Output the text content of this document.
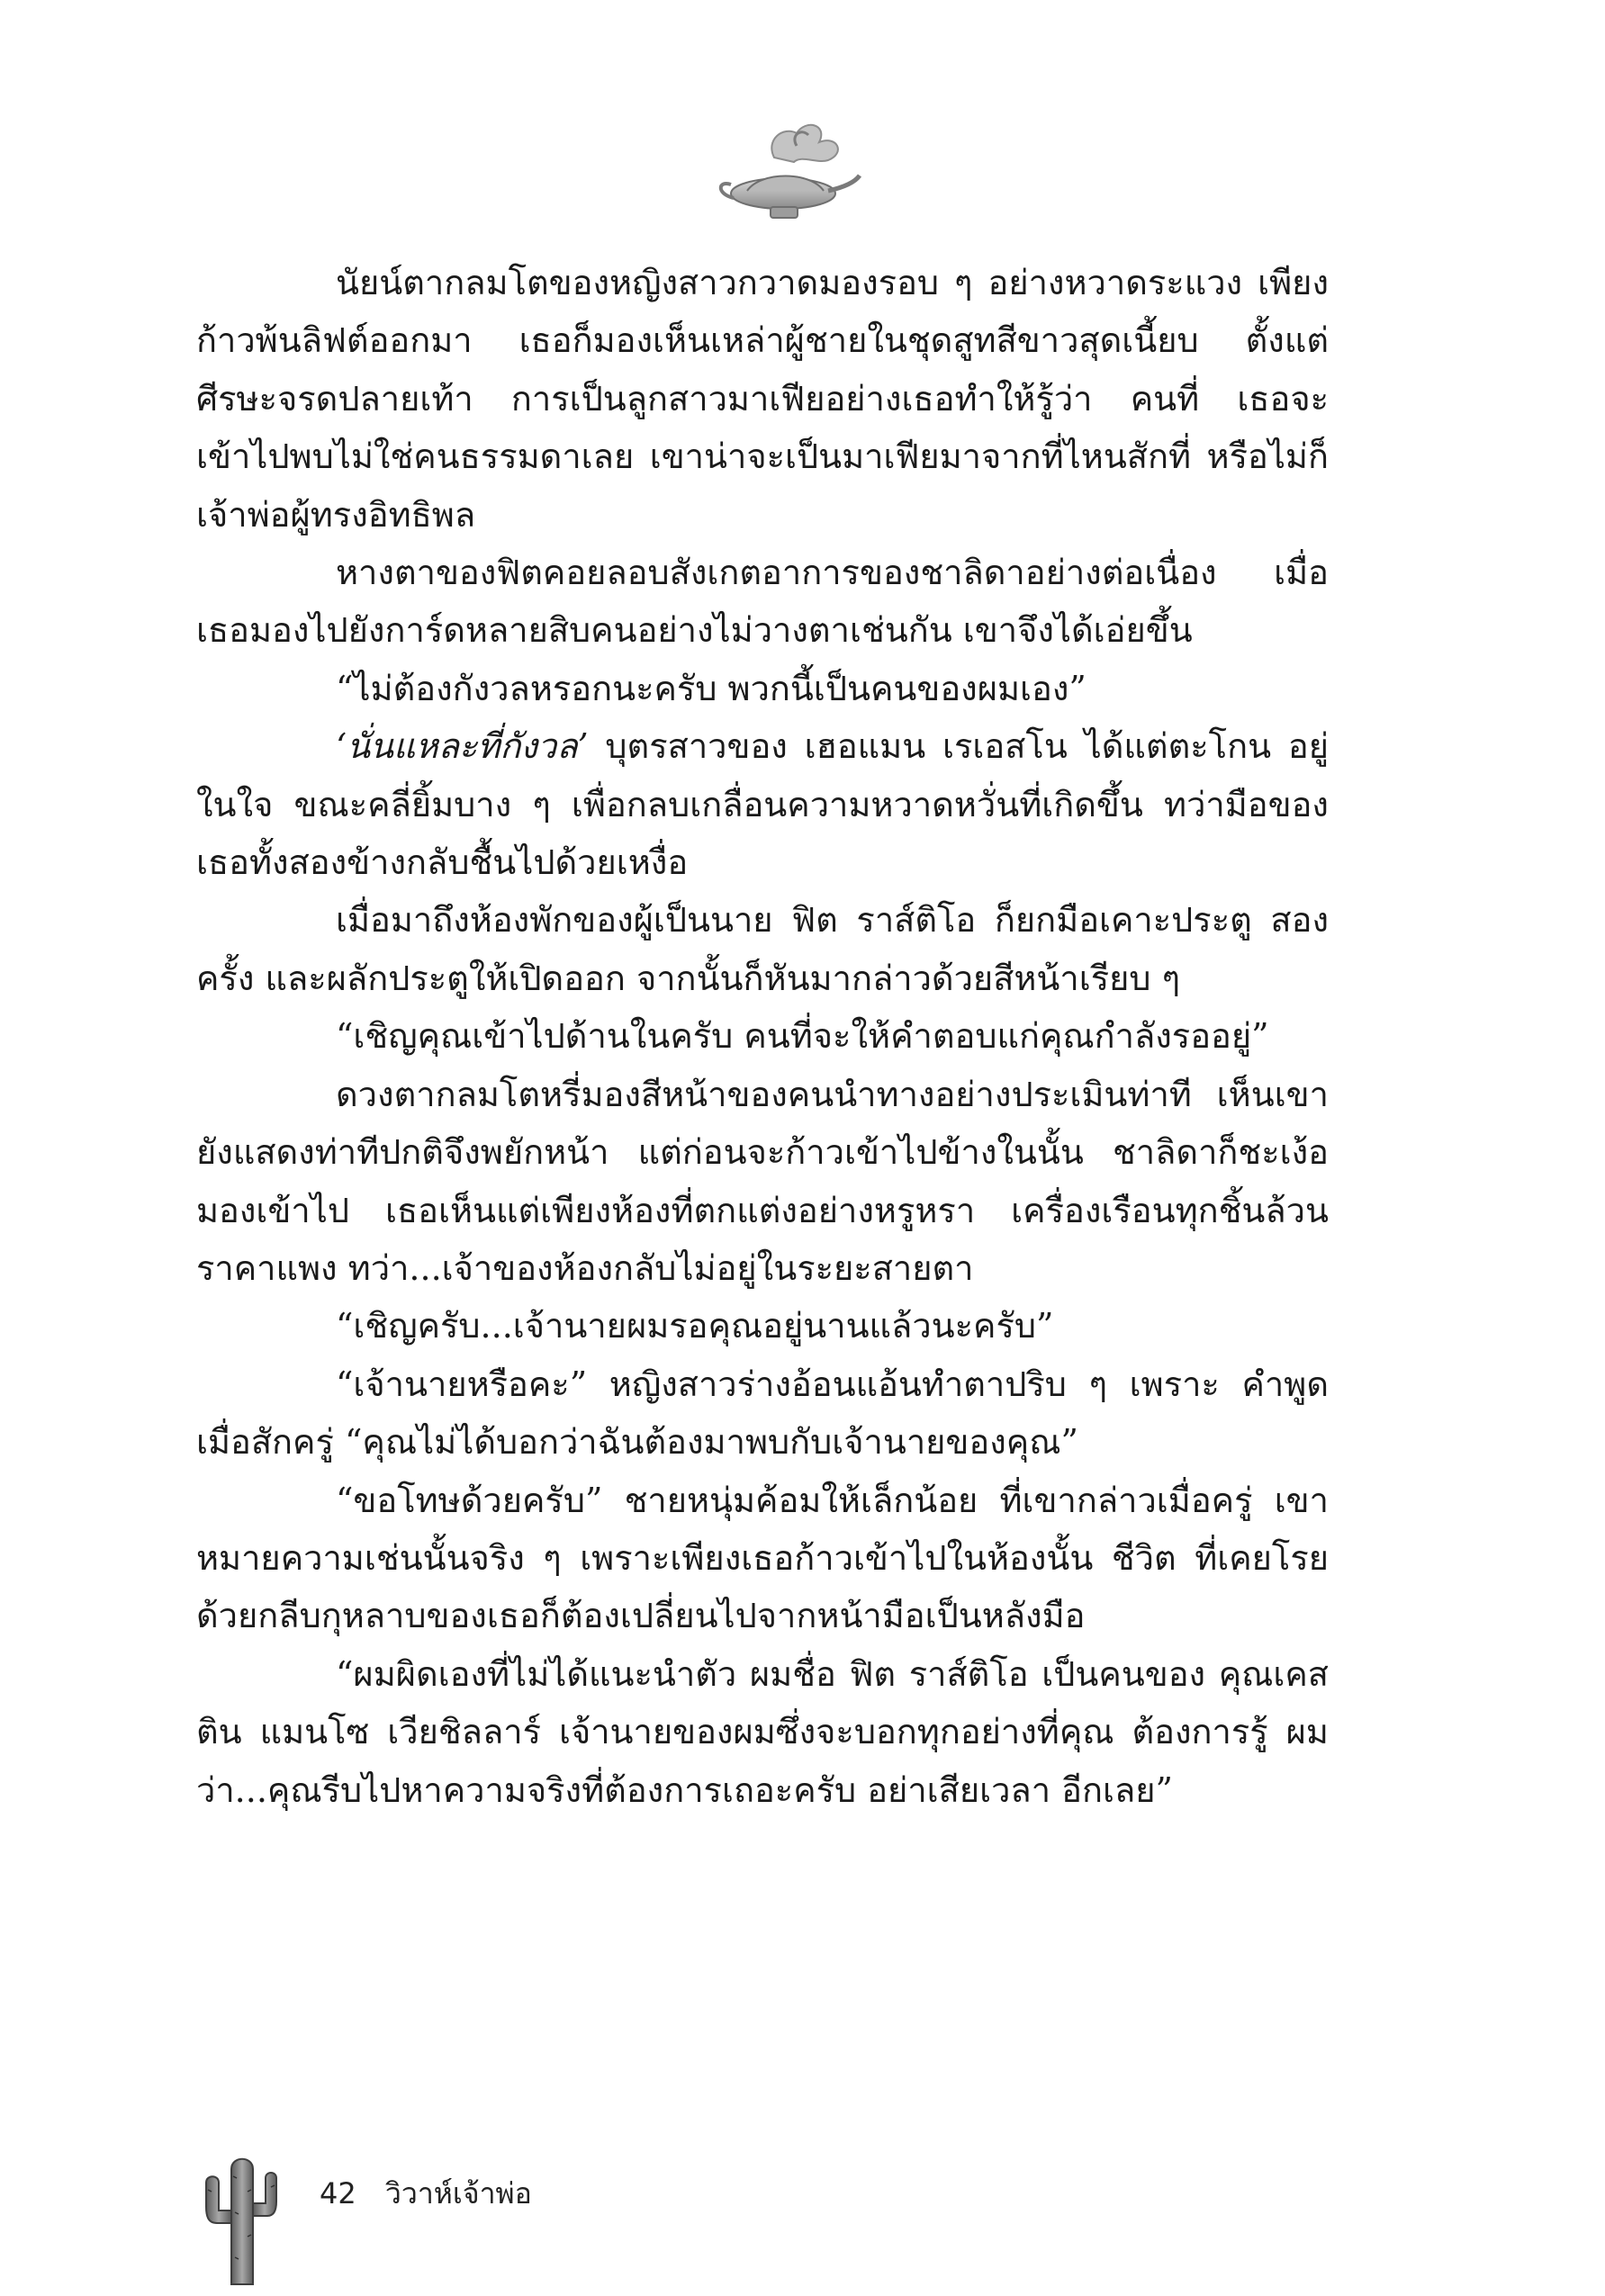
นัยน์ตากลมโตของหญิงสาวกวาดมองรอบ ๆ อย่างหวาดระแวง เพียงก้าวพ้นลิฟต์ออกมา เธอก็มองเห็นเหล่าผู้ชายในชุดสูทสีขาวสุดเนี้ยบ ตั้งแต่ศีรษะจรดปลายเท้า การเป็นลูกสาวมาเฟียอย่างเธอทำให้รู้ว่า คนที่ เธอจะเข้าไปพบไม่ใช่คนธรรมดาเลย เขาน่าจะเป็นมาเฟียมาจากที่ไหนสักที่ หรือไม่ก็เจ้าพ่อผู้ทรงอิทธิพล

หางตาของฟิตคอยลอบสังเกตอาการของชาลิดาอย่างต่อเนื่อง เมื่อเธอมองไปยังการ์ดหลายสิบคนอย่างไม่วางตาเช่นกัน เขาจึงได้เอ่ยขึ้น

“ไม่ต้องกังวลหรอกนะครับ พวกนี้เป็นคนของผมเอง”

‘นั่นแหละที่กังวล’ บุตรสาวของ เฮอแมน เรเอสโน ได้แต่ตะโกน อยู่ในใจ ขณะคลี่ยิ้มบาง ๆ เพื่อกลบเกลื่อนความหวาดหวั่นที่เกิดขึ้น ทว่ามือของเธอทั้งสองข้างกลับชื้นไปด้วยเหงื่อ

เมื่อมาถึงห้องพักของผู้เป็นนาย ฟิต ราส์ติโอ ก็ยกมือเคาะประตู สองครั้ง และผลักประตูให้เปิดออก จากนั้นก็หันมากล่าวด้วยสีหน้าเรียบ ๆ

“เชิญคุณเข้าไปด้านในครับ คนที่จะให้คำตอบแก่คุณกำลังรออยู่”

ดวงตากลมโตหรี่มองสีหน้าของคนนำทางอย่างประเมินท่าที เห็นเขายังแสดงท่าทีปกติจึงพยักหน้า แต่ก่อนจะก้าวเข้าไปข้างในนั้น ชาลิดาก็ชะเง้อมองเข้าไป เธอเห็นแต่เพียงห้องที่ตกแต่งอย่างหรูหรา เครื่องเรือนทุกชิ้นล้วนราคาแพง ทว่า...เจ้าของห้องกลับไม่อยู่ในระยะสายตา

“เชิญครับ...เจ้านายผมรอคุณอยู่นานแล้วนะครับ”

“เจ้านายหรือคะ” หญิงสาวร่างอ้อนแอ้นทำตาปริบ ๆ เพราะ คำพูดเมื่อสักครู่ “คุณไม่ได้บอกว่าฉันต้องมาพบกับเจ้านายของคุณ”

“ขอโทษด้วยครับ” ชายหนุ่มค้อมให้เล็กน้อย ที่เขากล่าวเมื่อครู่ เขาหมายความเช่นนั้นจริง ๆ เพราะเพียงเธอก้าวเข้าไปในห้องนั้น ชีวิต ที่เคยโรยด้วยกลีบกุหลาบของเธอก็ต้องเปลี่ยนไปจากหน้ามือเป็นหลังมือ

“ผมผิดเองที่ไม่ได้แนะนำตัว ผมชื่อ ฟิต ราส์ติโอ เป็นคนของ คุณเคสติน แมนโซ เวียชิลลาร์ เจ้านายของผมซึ่งจะบอกทุกอย่างที่คุณ ต้องการรู้ ผมว่า...คุณรีบไปหาความจริงที่ต้องการเถอะครับ อย่าเสียเวลา อีกเลย”

42 วิวาห์เจ้าพ่อ
